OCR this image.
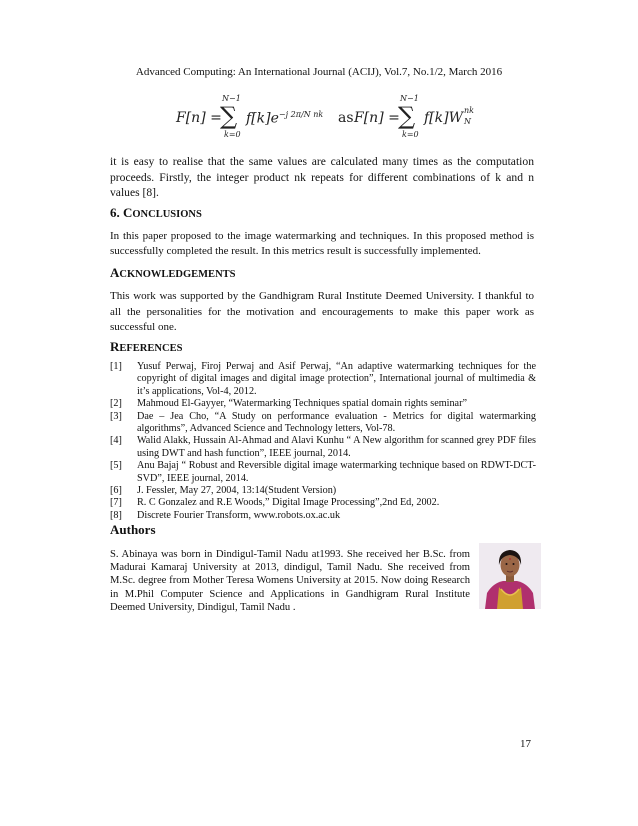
Advanced Computing: An International Journal (ACIJ), Vol.7, No.1/2, March 2016
F[n] =
N−1
∑
k=0
$f[k]e^{-j 2\pi/N nk}$ as F[n] =
N−1
∑
k=0
f[k]W nk
N

it is easy to realise that the same values are calculated many times as the computation proceeds. Firstly, the integer product nk repeats for different combinations of k and n values [8].

6. CONCLUSIONS

In this paper proposed to the image watermarking and techniques. In this proposed method is successfully completed the result. In this metrics result is successfully implemented.

ACKNOWLEDGEMENTS

This work was supported by the Gandhigram Rural Institute Deemed University. I thankful to all the personalities for the motivation and encouragements to make this paper work as successful one.

REFERENCES
[1] Yusuf Perwaj, Firoj Perwaj and Asif Perwaj, “An adaptive watermarking techniques for the copyright of digital images and digital image protection”, International journal of multimedia & it’s applications, Vol-4, 2012.
[2] Mahmoud El-Gayyer, “Watermarking Techniques spatial domain rights seminar”
[3] Dae – Jea Cho, “A Study on performance evaluation - Metrics for digital watermarking algorithms”, Advanced Science and Technology letters, Vol-78.
[4] Walid Alakk, Hussain Al-Ahmad and Alavi Kunhu “ A New algorithm for scanned grey PDF files using DWT and hash function”, IEEE journal, 2014.
[5] Anu Bajaj “ Robust and Reversible digital image watermarking technique based on RDWT-DCT-SVD”, IEEE journal, 2014.
[6] J. Fessler, May 27, 2004, 13:14(Student Version)
[7] R. C Gonzalez and R.E Woods,” Digital Image Processing”,2nd Ed, 2002.
[8] Discrete Fourier Transform, www.robots.ox.ac.uk
Authors

S. Abinaya was born in Dindigul-Tamil Nadu at1993. She received her B.Sc. from Madurai Kamaraj University at 2013, dindigul, Tamil Nadu. She received from M.Sc. degree from Mother Teresa Womens University at 2015. Now doing Research in M.Phil Computer Science and Applications in Gandhigram Rural Institute Deemed University, Dindigul, Tamil Nadu .

17
